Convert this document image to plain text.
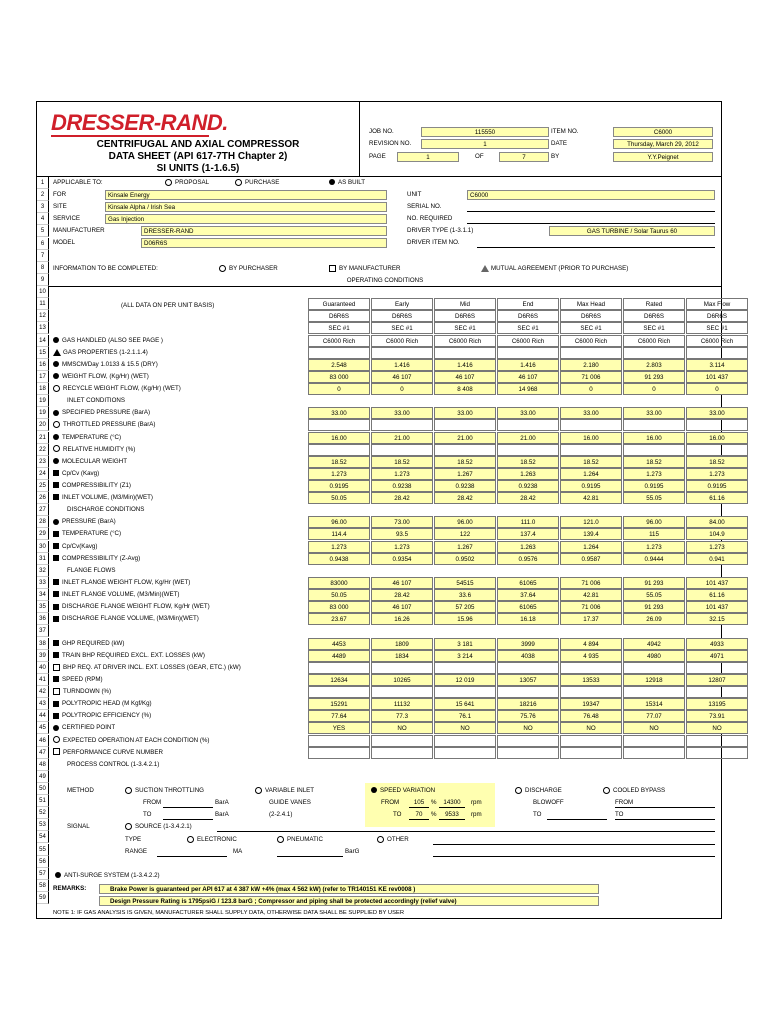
DRESSER-RAND.
CENTRIFUGAL AND AXIAL COMPRESSOR
DATA SHEET (API 617-7TH Chapter 2)
SI UNITS (1-1.6.5)
JOB NO.	115550	ITEM NO.	C6000
REVISION NO.	1	DATE	Thursday, March 29, 2012
PAGE	1	OF	7	BY	Y.Y.Peignet
APPLICABLE TO:	PROPOSAL	PURCHASE	AS BUILT
FOR	Kinsale Energy
SITE	Kinsale Alpha / Irish Sea
SERVICE	Gas Injection
MANUFACTURER	DRESSER-RAND
MODEL	D06R6S
UNIT	C6000
SERIAL NO.
NO. REQUIRED
DRIVER TYPE (1-3.1.1)	GAS TURBINE / Solar Taurus 60
DRIVER ITEM NO.
INFORMATION TO BE COMPLETED:	BY PURCHASER	BY MANUFACTURER	MUTUAL AGREEMENT (PRIOR TO PURCHASE)
OPERATING CONDITIONS
(ALL DATA ON PER UNIT BASIS)
1
2
3
4
5
6
7
8
9
10
11
12
13
14
15
16
17
18
19
19
20
21
22
23
24
25
26
27
28
29
30
31
32
33
34
35
36
37
38
39
40
41
42
43
44
45
46
47
48
49
50
51
52
53
54
55
56
57
58
59
Guaranteed	Early	Mid	End	Max Head	Rated	Max Flow
D6R6S	D6R6S	D6R6S	D6R6S	D6R6S	D6R6S	D6R6S
SEC #1	SEC #1	SEC #1	SEC #1	SEC #1	SEC #1	SEC #1
C6000 Rich	C6000 Rich	C6000 Rich	C6000 Rich	C6000 Rich	C6000 Rich	C6000 Rich
GAS HANDLED (ALSO SEE PAGE )
GAS PROPERTIES (1-2.1.1.4)
MMSCM/Day 1.0133 & 15.5 (DRY)	2.548	1.416	1.416	1.416	2.180	2.803	3.114
WEIGHT FLOW, (Kg/Hr) (WET)	83 000	46 107	46 107	46 107	71 006	91 293	101 437
RECYCLE WEIGHT FLOW, (Kg/Hr) (WET)	0	0	8 408	14 968	0	0	0
INLET CONDITIONS
SPECIFIED PRESSURE (BarA)	33.00	33.00	33.00	33.00	33.00	33.00	33.00
THROTTLED PRESSURE (BarA)
TEMPERATURE (°C)	16.00	21.00	21.00	21.00	16.00	16.00	16.00
RELATIVE HUMIDITY (%)
MOLECULAR WEIGHT	18.52	18.52	18.52	18.52	18.52	18.52	18.52
Cp/Cv (Kavg)	1.273	1.273	1.267	1.263	1.264	1.273	1.273
COMPRESSIBILITY (Z1)	0.9195	0.9238	0.9238	0.9238	0.9195	0.9195	0.9195
INLET VOLUME, (M3/Min)(WET)	50.05	28.42	28.42	28.42	42.81	55.05	61.16
DISCHARGE CONDITIONS
PRESSURE (BarA)	96.00	73.00	96.00	111.0	121.0	96.00	84.00
TEMPERATURE (°C)	114.4	93.5	122	137.4	139.4	115	104.9
Cp/Cv(Kavg)	1.273	1.273	1.267	1.263	1.264	1.273	1.273
COMPRESSIBILITY (Z-Avg)	0.9438	0.9354	0.9502	0.9576	0.9587	0.9444	0.941
FLANGE FLOWS
INLET FLANGE WEIGHT FLOW, Kg/Hr (WET)	83000	46 107	54515	61065	71 006	91 293	101 437
INLET FLANGE VOLUME, (M3/Min)(WET)	50.05	28.42	33.6	37.64	42.81	55.05	61.16
DISCHARGE FLANGE WEIGHT FLOW, Kg/Hr (WET)	83 000	46 107	57 205	61065	71 006	91 293	101 437
DISCHARGE FLANGE VOLUME, (M3/Min)(WET)	23.67	16.26	15.96	16.18	17.37	26.09	32.15
GHP REQUIRED (kW)	4453	1809	3 181	3999	4 894	4942	4933
TRAIN BHP REQUIRED EXCL. EXT. LOSSES (kW)	4489	1834	3 214	4038	4 935	4980	4971
BHP REQ. AT DRIVER INCL. EXT. LOSSES (GEAR, ETC.) (kW)
SPEED (RPM)	12634	10265	12 019	13057	13533	12918	12807
TURNDOWN (%)
POLYTROPIC HEAD (M Kgf/Kg)	15291	11132	15 641	18216	19347	15314	13195
POLYTROPIC EFFICIENCY (%)	77.64	77.3	76.1	75.76	76.48	77.07	73.91
CERTIFIED POINT	YES	NO	NO	NO	NO	NO	NO
EXPECTED OPERATION AT EACH CONDITION (%)
PERFORMANCE CURVE NUMBER
PROCESS CONTROL (1-3.4.2.1)
METHOD	SUCTION THROTTLING	VARIABLE INLET	SPEED VARIATION	DISCHARGE	COOLED BYPASS
FROM	BarA	GUIDE VANES	FROM	105	%	14300	rpm	BLOWOFF	FROM
TO	BarA	(2-2.4.1)	TO	70	%	9533	rpm	TO	TO
SIGNAL	SOURCE (1-3.4.2.1)
TYPE	ELECTRONIC	PNEUMATIC	OTHER
RANGE	MA	BarG
ANTI-SURGE SYSTEM (1-3.4.2.2)
REMARKS:	Brake Power is guaranteed per API 617 at 4 387 kW +4% (max 4 562 kW) (refer to TR140151 KE rev0008 )
Design Pressure Rating is 1795psiG / 123.8 barG ; Compressor and piping shall be protected accordingly (relief valve)
NOTE 1: IF GAS ANALYSIS IS GIVEN, MANUFACTURER SHALL SUPPLY DATA, OTHERWISE DATA SHALL BE SUPPLIED BY USER
